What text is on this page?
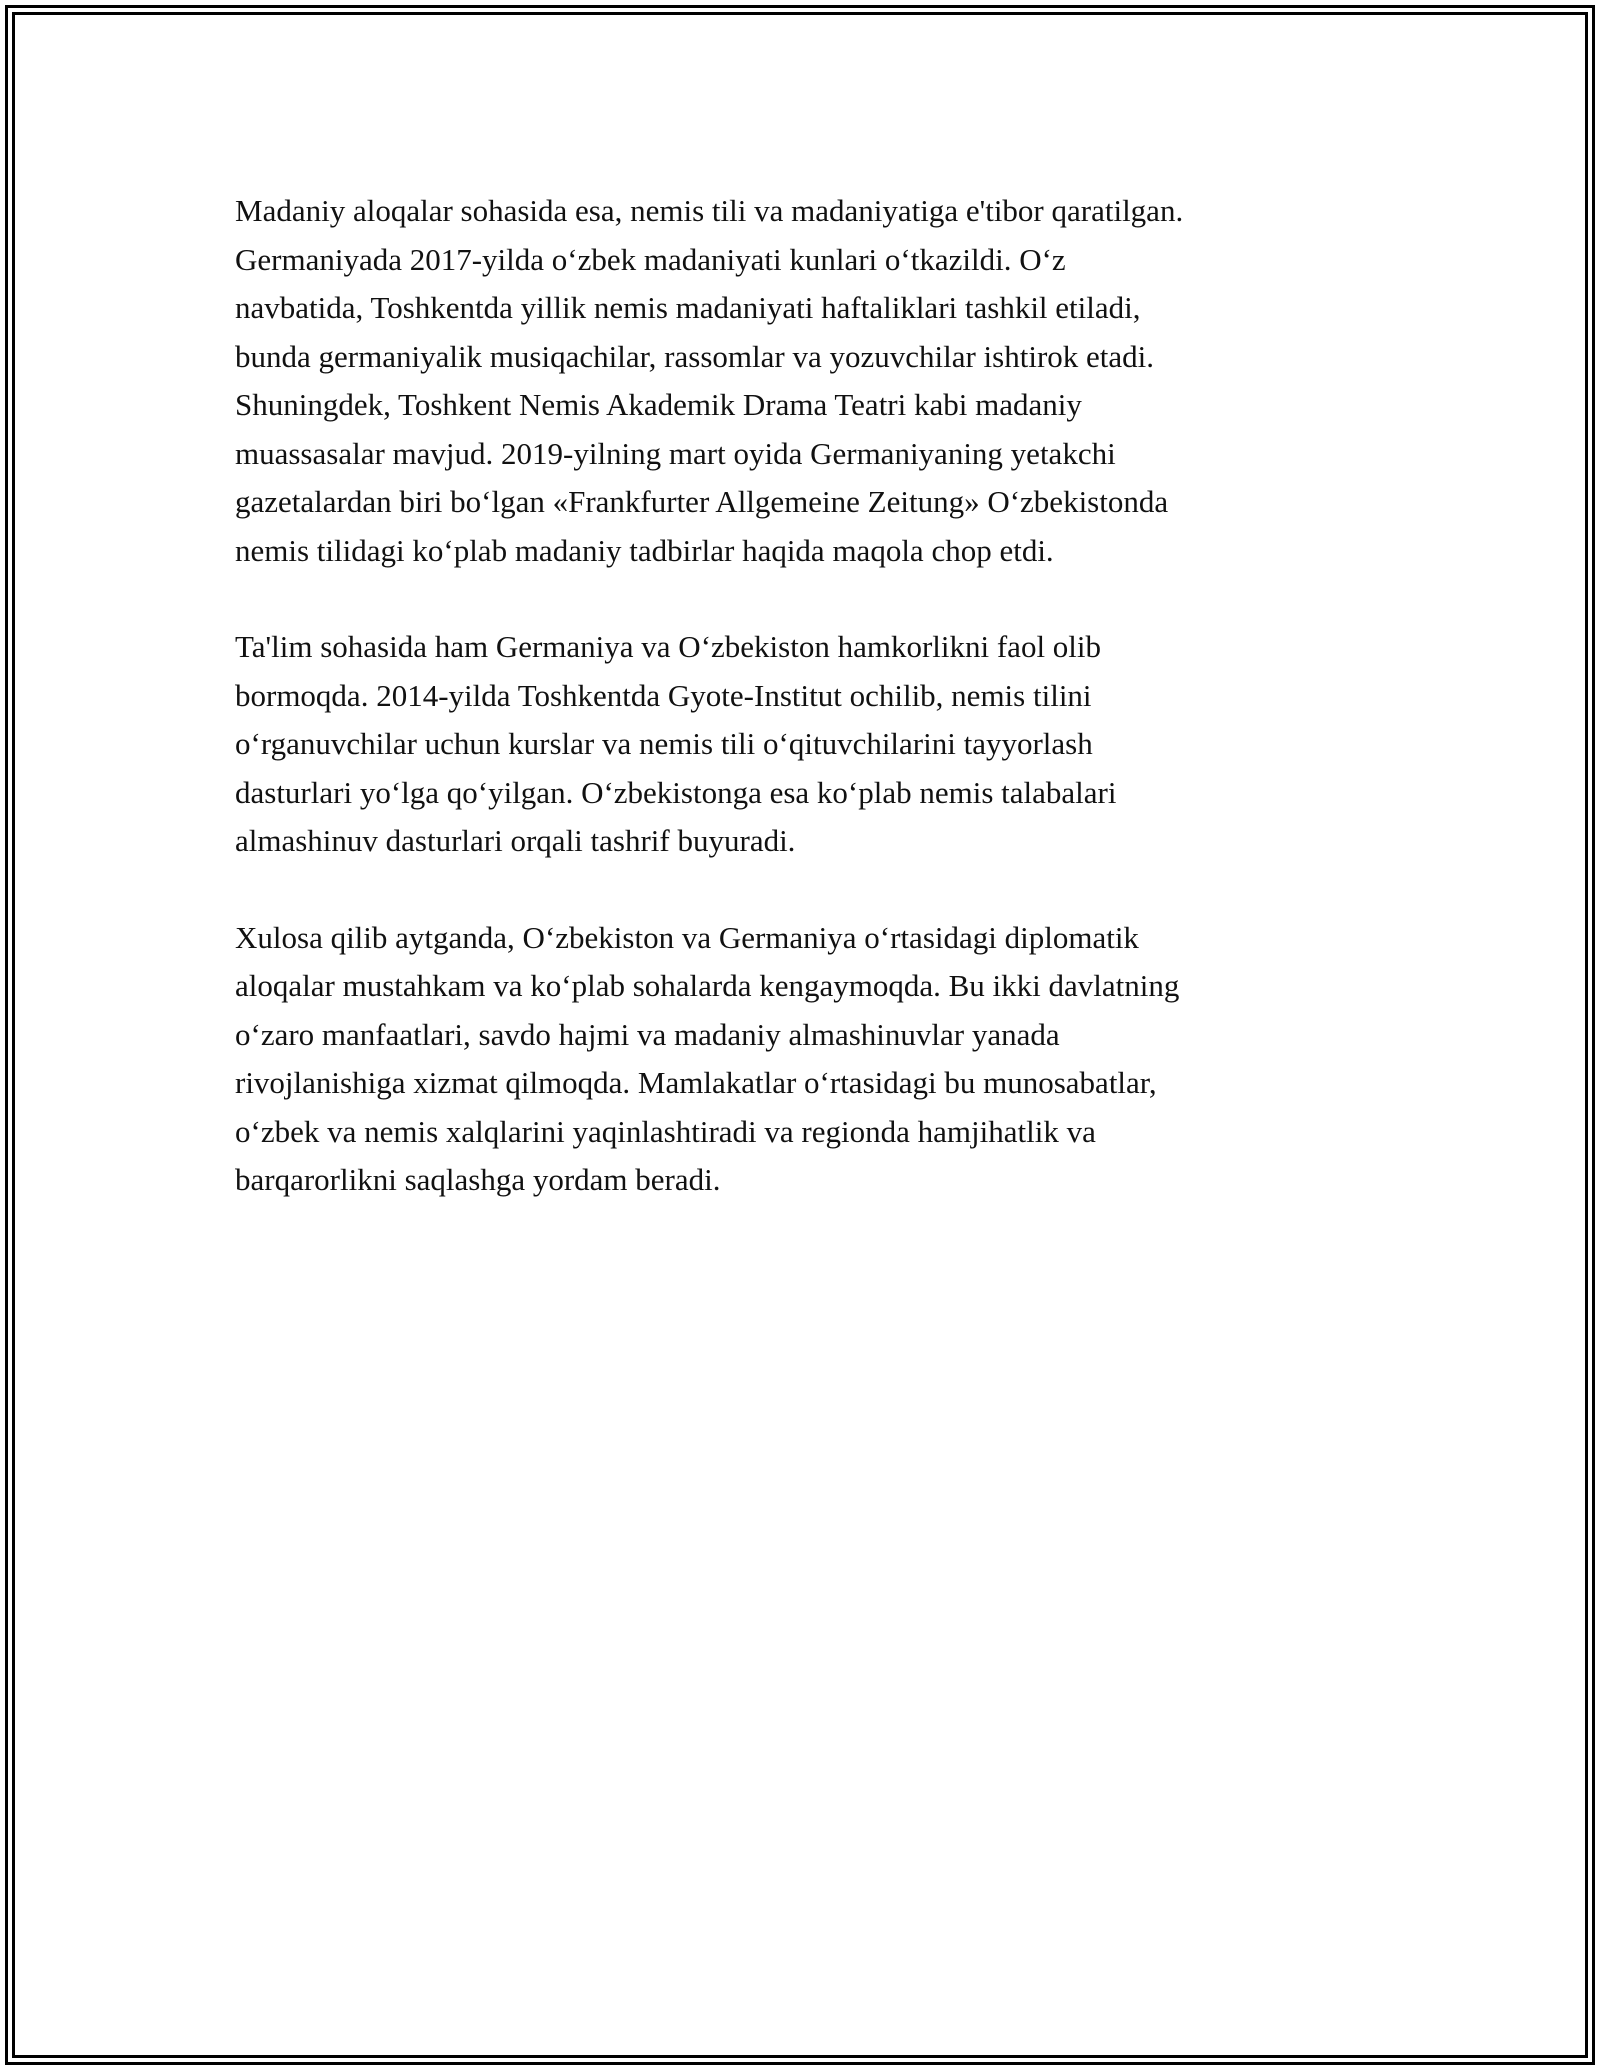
Madaniy aloqalar sohasida esa, nemis tili va madaniyatiga e'tibor qaratilgan.
Germaniyada 2017-yilda oʻzbek madaniyati kunlari oʻtkazildi. Oʻz
navbatida, Toshkentda yillik nemis madaniyati haftaliklari tashkil etiladi,
bunda germaniyalik musiqachilar, rassomlar va yozuvchilar ishtirok etadi.
Shuningdek, Toshkent Nemis Akademik Drama Teatri kabi madaniy
muassasalar mavjud. 2019-yilning mart oyida Germaniyaning yetakchi
gazetalardan biri boʻlgan «Frankfurter Allgemeine Zeitung» Oʻzbekistonda
nemis tilidagi koʻplab madaniy tadbirlar haqida maqola chop etdi.

Ta'lim sohasida ham Germaniya va Oʻzbekiston hamkorlikni faol olib
bormoqda. 2014-yilda Toshkentda Gyote-Institut ochilib, nemis tilini
oʻrganuvchilar uchun kurslar va nemis tili oʻqituvchilarini tayyorlash
dasturlari yoʻlga qoʻyilgan. Oʻzbekistonga esa koʻplab nemis talabalari
almashinuv dasturlari orqali tashrif buyuradi.

Xulosa qilib aytganda, Oʻzbekiston va Germaniya oʻrtasidagi diplomatik
aloqalar mustahkam va koʻplab sohalarda kengaymoqda. Bu ikki davlatning
oʻzaro manfaatlari, savdo hajmi va madaniy almashinuvlar yanada
rivojlanishiga xizmat qilmoqda. Mamlakatlar oʻrtasidagi bu munosabatlar,
oʻzbek va nemis xalqlarini yaqinlashtiradi va regionda hamjihatlik va
barqarorlikni saqlashga yordam beradi.
